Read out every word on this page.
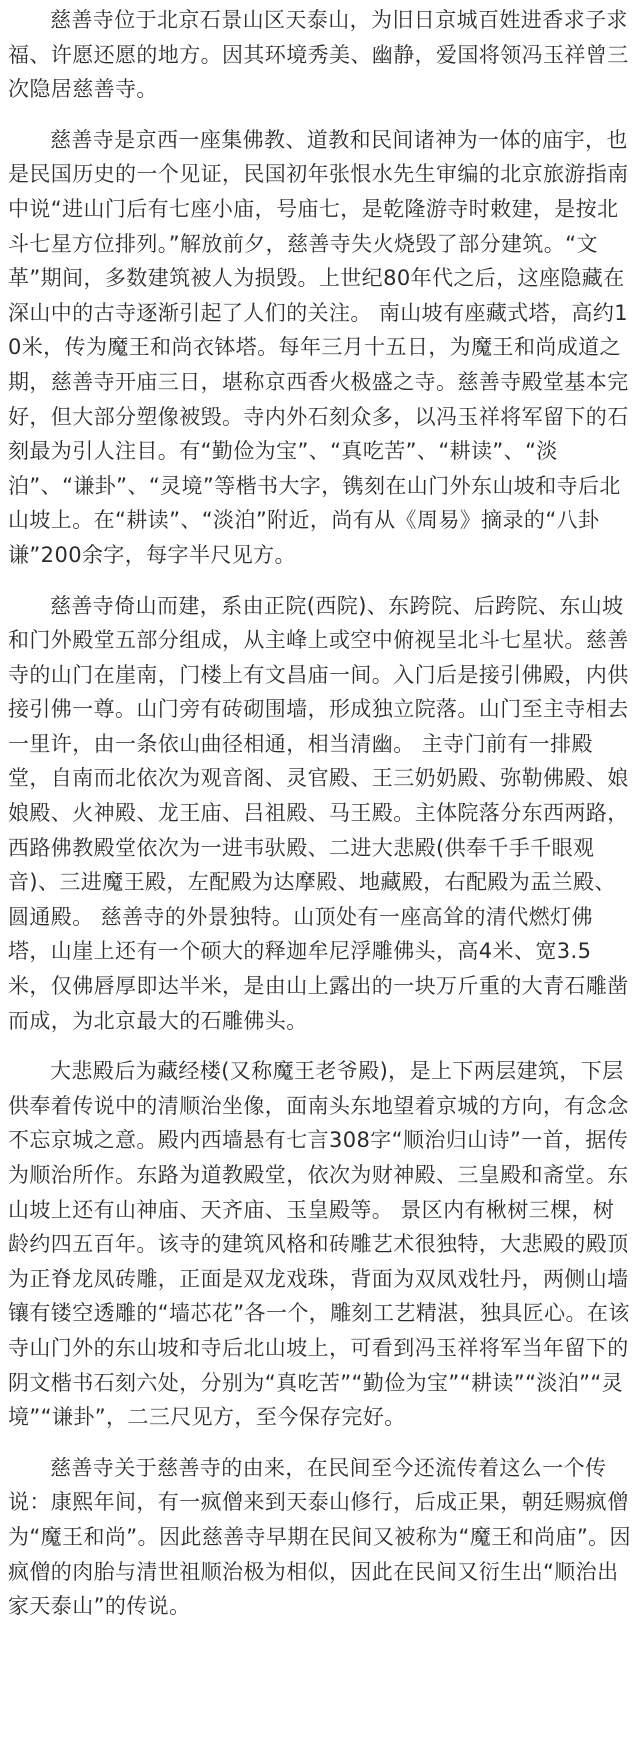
慈善寺位于北京石景山区天泰山，为旧日京城百姓进香求子求福、许愿还愿的地方。因其环境秀美、幽静，爱国将领冯玉祥曾三次隐居慈善寺。

慈善寺是京西一座集佛教、道教和民间诸神为一体的庙宇，也是民国历史的一个见证，民国初年张恨水先生审编的北京旅游指南中说“进山门后有七座小庙，号庙七，是乾隆游寺时敕建，是按北斗七星方位排列。”解放前夕，慈善寺失火烧毁了部分建筑。“文革”期间，多数建筑被人为损毁。上世纪80年代之后，这座隐藏在深山中的古寺逐渐引起了人们的关注。 南山坡有座藏式塔，高约10米，传为魔王和尚衣钵塔。每年三月十五日，为魔王和尚成道之期，慈善寺开庙三日，堪称京西香火极盛之寺。慈善寺殿堂基本完好，但大部分塑像被毁。寺内外石刻众多，以冯玉祥将军留下的石刻最为引人注目。有“勤俭为宝”、“真吃苦”、“耕读”、“淡泊”、“谦卦”、“灵境”等楷书大字，镌刻在山门外东山坡和寺后北山坡上。在“耕读”、“淡泊”附近，尚有从《周易》摘录的“八卦谦”200余字，每字半尺见方。

慈善寺倚山而建，系由正院(西院)、东跨院、后跨院、东山坡和门外殿堂五部分组成，从主峰上或空中俯视呈北斗七星状。慈善寺的山门在崖南，门楼上有文昌庙一间。入门后是接引佛殿，内供接引佛一尊。山门旁有砖砌围墙，形成独立院落。山门至主寺相去一里许，由一条依山曲径相通，相当清幽。 主寺门前有一排殿堂，自南而北依次为观音阁、灵官殿、王三奶奶殿、弥勒佛殿、娘娘殿、火神殿、龙王庙、吕祖殿、马王殿。主体院落分东西两路，西路佛教殿堂依次为一进韦驮殿、二进大悲殿(供奉千手千眼观音)、三进魔王殿，左配殿为达摩殿、地藏殿，右配殿为盂兰殿、圆通殿。 慈善寺的外景独特。山顶处有一座高耸的清代燃灯佛塔，山崖上还有一个硕大的释迦牟尼浮雕佛头，高4米、宽3.5米，仅佛唇厚即达半米，是由山上露出的一块万斤重的大青石雕凿而成，为北京最大的石雕佛头。

大悲殿后为藏经楼(又称魔王老爷殿)，是上下两层建筑，下层供奉着传说中的清顺治坐像，面南头东地望着京城的方向，有念念不忘京城之意。殿内西墙悬有七言308字“顺治归山诗”一首，据传为顺治所作。东路为道教殿堂，依次为财神殿、三皇殿和斋堂。东山坡上还有山神庙、天齐庙、玉皇殿等。 景区内有楸树三棵，树龄约四五百年。该寺的建筑风格和砖雕艺术很独特，大悲殿的殿顶为正脊龙凤砖雕，正面是双龙戏珠，背面为双凤戏牡丹，两侧山墙镶有镂空透雕的“墙芯花”各一个，雕刻工艺精湛，独具匠心。在该寺山门外的东山坡和寺后北山坡上，可看到冯玉祥将军当年留下的阴文楷书石刻六处，分别为“真吃苦”“勤俭为宝”“耕读”“淡泊”“灵境”“谦卦”，二三尺见方，至今保存完好。

慈善寺关于慈善寺的由来，在民间至今还流传着这么一个传说：康熙年间，有一疯僧来到天泰山修行，后成正果，朝廷赐疯僧为“魔王和尚”。因此慈善寺早期在民间又被称为“魔王和尚庙”。因疯僧的肉胎与清世祖顺治极为相似，因此在民间又衍生出“顺治出家天泰山”的传说。
